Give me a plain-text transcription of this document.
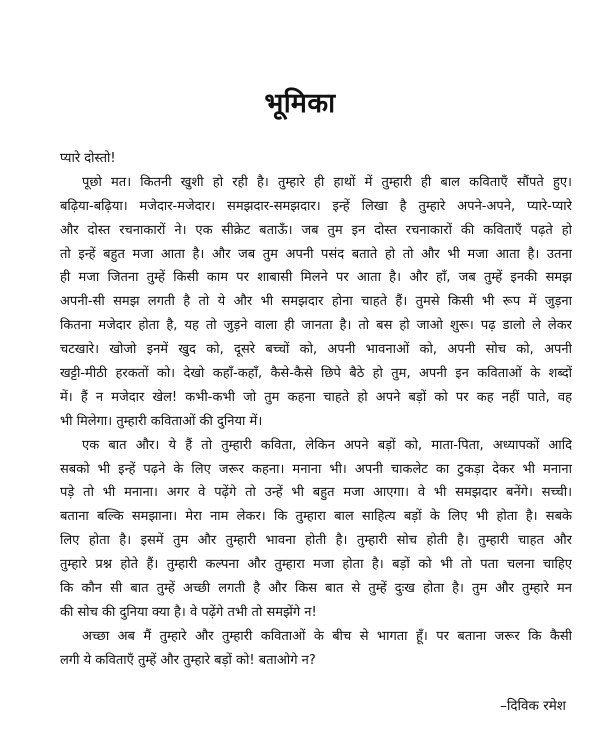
भूमिका
प्यारे दोस्तो!
पूछो मत। कितनी खुशी हो रही है। तुम्हारे ही हाथों में तुम्हारी ही बाल कविताएँ सौंपते हुए।
बढ़िया-बढ़िया। मजेदार-मजेदार। समझदार-समझदार। इन्हें लिखा है तुम्हारे अपने-अपने, प्यारे-प्यारे
और दोस्त रचनाकारों ने। एक सीक्रेट बताऊँ। जब तुम इन दोस्त रचनाकारों की कविताएँ पढ़ते हो
तो इन्हें बहुत मजा आता है। और जब तुम अपनी पसंद बताते हो तो और भी मजा आता है। उतना
ही मजा जितना तुम्हें किसी काम पर शाबासी मिलने पर आता है। और हाँ, जब तुम्हें इनकी समझ
अपनी-सी समझ लगती है तो ये और भी समझदार होना चाहते हैं। तुमसे किसी भी रूप में जुड़ना
कितना मजेदार होता है, यह तो जुड़ने वाला ही जानता है। तो बस हो जाओ शुरू। पढ़ डालो ले लेकर
चटखारे। खोजो इनमें खुद को, दूसरे बच्चों को, अपनी भावनाओं को, अपनी सोच को, अपनी
खट्टी-मीठी हरकतों को। देखो कहाँ-कहाँ, कैसे-कैसे छिपे बैठे हो तुम, अपनी इन कविताओं के शब्दों
में। हैं न मजेदार खेल! कभी-कभी जो तुम कहना चाहते हो अपने बड़ों को पर कह नहीं पाते, वह
भी मिलेगा। तुम्हारी कविताओं की दुनिया में।
एक बात और। ये हैं तो तुम्हारी कविता, लेकिन अपने बड़ों को, माता-पिता, अध्यापकों आदि
सबको भी इन्हें पढ़ने के लिए जरूर कहना। मनाना भी। अपनी चाकलेट का टुकड़ा देकर भी मनाना
पड़े तो भी मनाना। अगर वे पढ़ेंगे तो उन्हें भी बहुत मजा आएगा। वे भी समझदार बनेंगे। सच्ची।
बताना बल्कि समझाना। मेरा नाम लेकर। कि तुम्हारा बाल साहित्य बड़ों के लिए भी होता है। सबके
लिए होता है। इसमें तुम और तुम्हारी भावना होती है। तुम्हारी सोच होती है। तुम्हारी चाहत और
तुम्हारे प्रश्न होते हैं। तुम्हारी कल्पना और तुम्हारा मजा होता है। बड़ों को भी तो पता चलना चाहिए
कि कौन सी बात तुम्हें अच्छी लगती है और किस बात से तुम्हें दुःख होता है। तुम और तुम्हारे मन
की सोच की दुनिया क्या है। वे पढ़ेंगे तभी तो समझेंगे न!
अच्छा अब मैं तुम्हारे और तुम्हारी कविताओं के बीच से भागता हूँ। पर बताना जरूर कि कैसी
लगी ये कविताएँ तुम्हें और तुम्हारे बड़ों को! बताओगे न?
–दिविक रमेश
